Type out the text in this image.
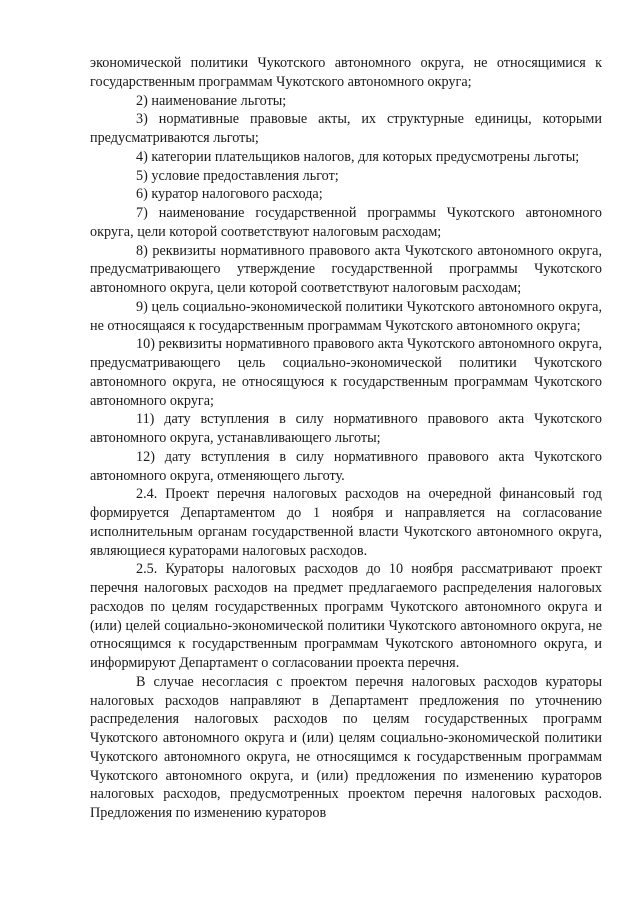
экономической политики Чукотского автономного округа, не относящимися к государственным программам Чукотского автономного округа;

2) наименование льготы;

3) нормативные правовые акты, их структурные единицы, которыми предусматриваются льготы;

4) категории плательщиков налогов, для которых предусмотрены льготы;

5) условие предоставления льгот;

6) куратор налогового расхода;

7) наименование государственной программы Чукотского автономного округа, цели которой соответствуют налоговым расходам;

8) реквизиты нормативного правового акта Чукотского автономного округа, предусматривающего утверждение государственной программы Чукотского автономного округа, цели которой соответствуют налоговым расходам;

9) цель социально-экономической политики Чукотского автономного округа, не относящаяся к государственным программам Чукотского автономного округа;

10) реквизиты нормативного правового акта Чукотского автономного округа, предусматривающего цель социально-экономической политики Чукотского автономного округа, не относящуюся к государственным программам Чукотского автономного округа;

11) дату вступления в силу нормативного правового акта Чукотского автономного округа, устанавливающего льготы;

12) дату вступления в силу нормативного правового акта Чукотского автономного округа, отменяющего льготу.

2.4. Проект перечня налоговых расходов на очередной финансовый год формируется Департаментом до 1 ноября и направляется на согласование исполнительным органам государственной власти Чукотского автономного округа, являющиеся кураторами налоговых расходов.

2.5. Кураторы налоговых расходов до 10 ноября рассматривают проект перечня налоговых расходов на предмет предлагаемого распределения налоговых расходов по целям государственных программ Чукотского автономного округа и (или) целей социально-экономической политики Чукотского автономного округа, не относящимся к государственным программам Чукотского автономного округа, и информируют Департамент о согласовании проекта перечня.

В случае несогласия с проектом перечня налоговых расходов кураторы налоговых расходов направляют в Департамент предложения по уточнению распределения налоговых расходов по целям государственных программ Чукотского автономного округа и (или) целям социально-экономической политики Чукотского автономного округа, не относящимся к государственным программам Чукотского автономного округа, и (или) предложения по изменению кураторов налоговых расходов, предусмотренных проектом перечня налоговых расходов. Предложения по изменению кураторов
